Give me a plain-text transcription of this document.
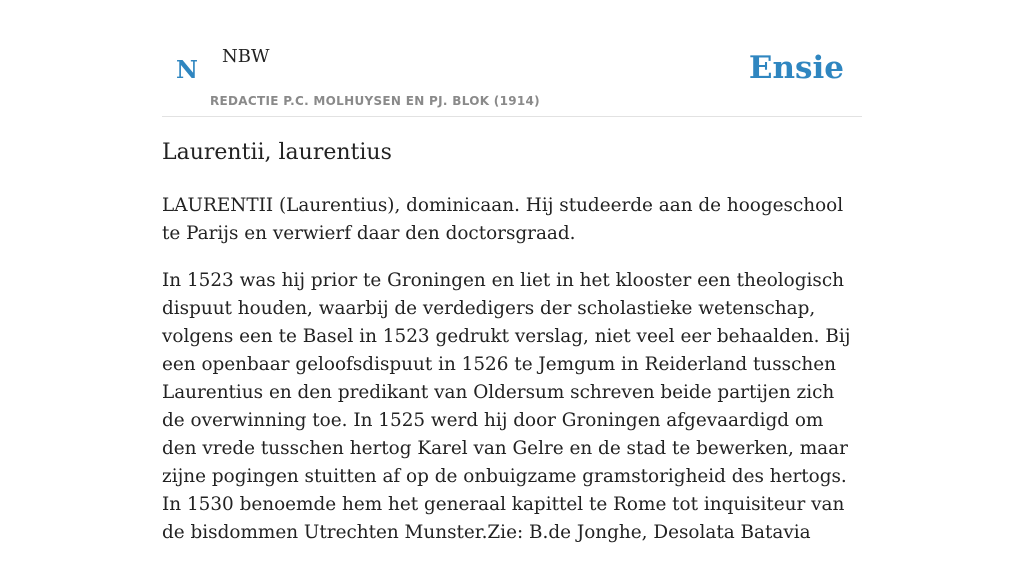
N NBW
REDACTIE P.C. MOLHUYSEN EN PJ. BLOK (1914)
Ensie
Laurentii, laurentius

LAURENTII (Laurentius), dominicaan. Hij studeerde aan de hoogeschool te Parijs en verwierf daar den doctorsgraad.

In 1523 was hij prior te Groningen en liet in het klooster een theologisch dispuut houden, waarbij de verdedigers der scholastieke wetenschap, volgens een te Basel in 1523 gedrukt verslag, niet veel eer behaalden. Bij een openbaar geloofsdispuut in 1526 te Jemgum in Reiderland tusschen Laurentius en den predikant van Oldersum schreven beide partijen zich de overwinning toe. In 1525 werd hij door Groningen afgevaardigd om den vrede tusschen hertog Karel van Gelre en de stad te bewerken, maar zijne pogingen stuitten af op de onbuigzame gramstorigheid des hertogs. In 1530 benoemde hem het generaal kapittel te Rome tot inquisiteur van de bisdommen Utrechten Munster.Zie: B.de Jonghe, Desolata Batavia
